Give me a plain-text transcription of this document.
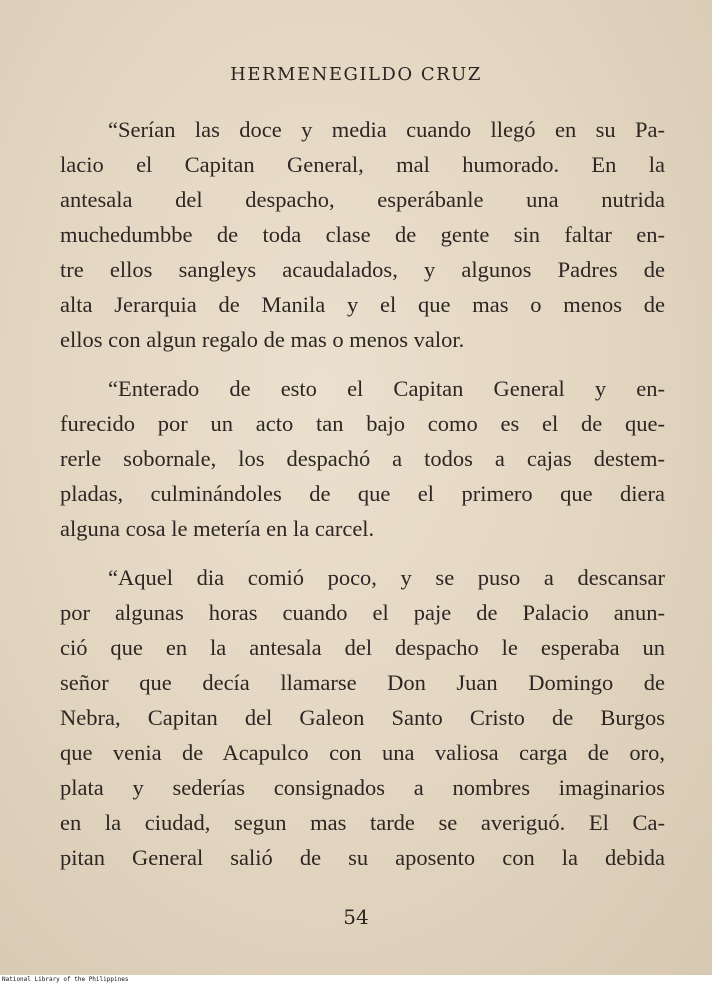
HERMENEGILDO CRUZ
“Serían las doce y media cuando llegó en su Pa-
lacio el Capitan General, mal humorado. En la
antesala del despacho, esperábanle una nutrida
muchedumbbe de toda clase de gente sin faltar en-
tre ellos sangleys acaudalados, y algunos Padres de
alta Jerarquia de Manila y el que mas o menos de
ellos con algun regalo de mas o menos valor.
“Enterado de esto el Capitan General y en-
furecido por un acto tan bajo como es el de que-
rerle sobornale, los despachó a todos a cajas destem-
pladas, culminándoles de que el primero que diera
alguna cosa le metería en la carcel.
“Aquel dia comió poco, y se puso a descansar
por algunas horas cuando el paje de Palacio anun-
ció que en la antesala del despacho le esperaba un
señor que decía llamarse Don Juan Domingo de
Nebra, Capitan del Galeon Santo Cristo de Burgos
que venia de Acapulco con una valiosa carga de oro,
plata y sederías consignados a nombres imaginarios
en la ciudad, segun mas tarde se averiguó. El Ca-
pitan General salió de su aposento con la debida
54
National Library of the Philippines
